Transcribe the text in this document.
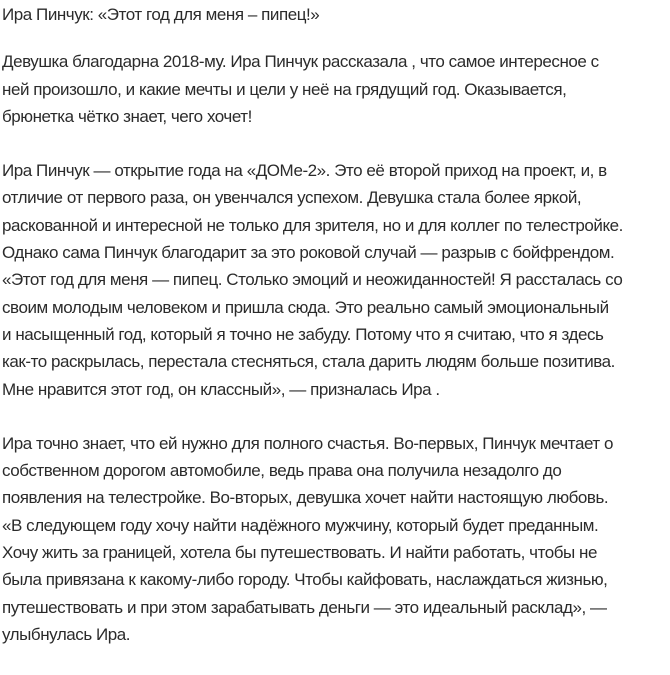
Ира Пинчук: «Этот год для меня – пипец!»
Девушка благодарна 2018-му. Ира Пинчук рассказала , что самое интересное с
ней произошло, и какие мечты и цели у неё на грядущий год. Оказывается,
брюнетка чётко знает, чего хочет!
Ира Пинчук — открытие года на «ДОМе-2». Это её второй приход на проект, и, в
отличие от первого раза, он увенчался успехом. Девушка стала более яркой,
раскованной и интересной не только для зрителя, но и для коллег по телестройке.
Однако сама Пинчук благодарит за это роковой случай — разрыв с бойфрендом.
«Этот год для меня — пипец. Столько эмоций и неожиданностей! Я рассталась со
своим молодым человеком и пришла сюда. Это реально самый эмоциональный
и насыщенный год, который я точно не забуду. Потому что я считаю, что я здесь
как-то раскрылась, перестала стесняться, стала дарить людям больше позитива.
Мне нравится этот год, он классный», — призналась Ира .
Ира точно знает, что ей нужно для полного счастья. Во-первых, Пинчук мечтает о
собственном дорогом автомобиле, ведь права она получила незадолго до
появления на телестройке. Во-вторых, девушка хочет найти настоящую любовь.
«В следующем году хочу найти надёжного мужчину, который будет преданным.
Хочу жить за границей, хотела бы путешествовать. И найти работать, чтобы не
была привязана к какому-либо городу. Чтобы кайфовать, наслаждаться жизнью,
путешествовать и при этом зарабатывать деньги — это идеальный расклад», —
улыбнулась Ира.
